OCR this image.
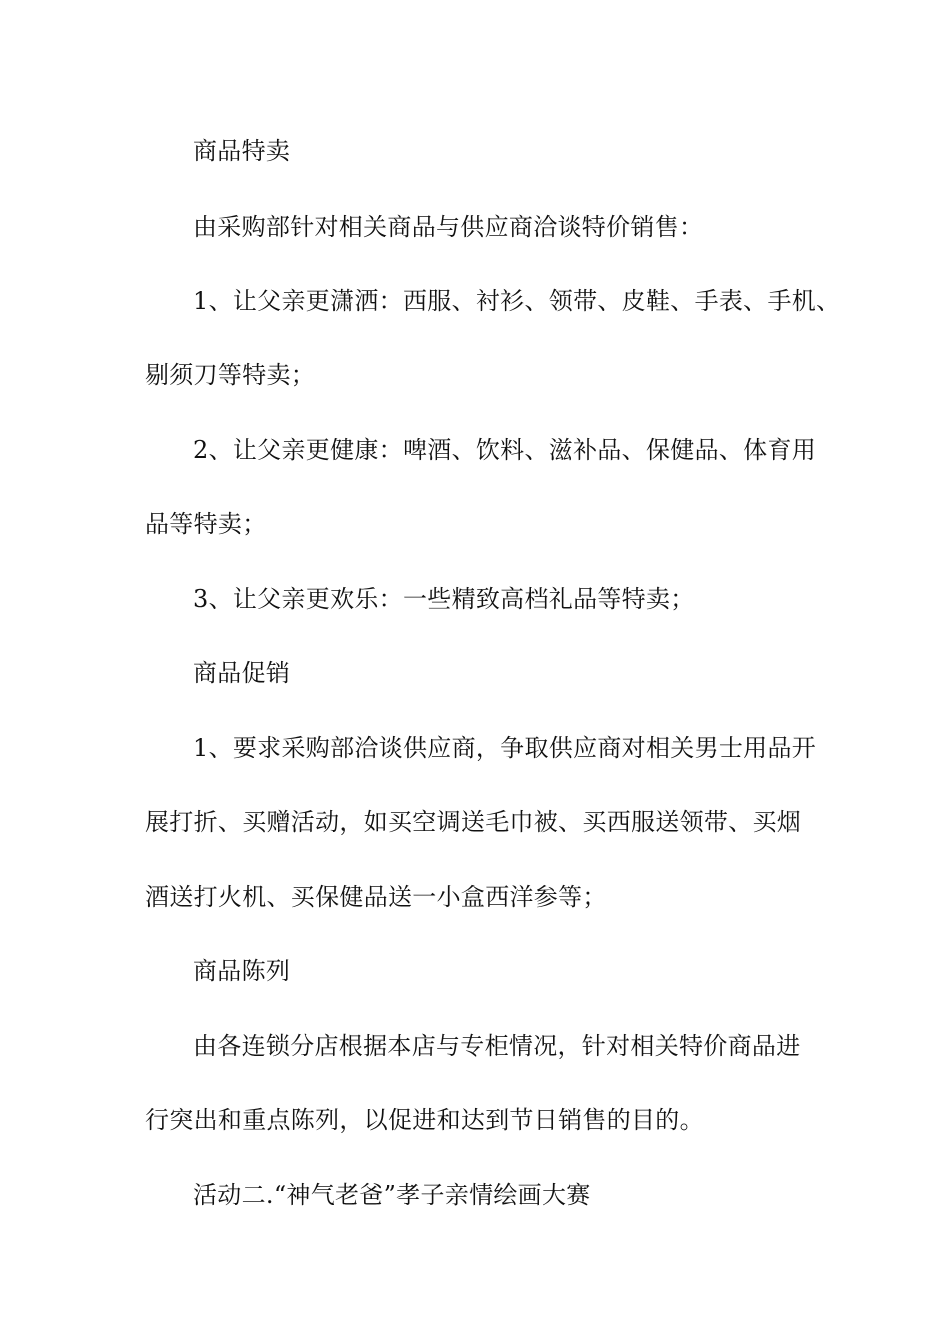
商品特卖
由采购部针对相关商品与供应商洽谈特价销售：
1、让父亲更潇洒：西服、衬衫、领带、皮鞋、手表、手机、
剔须刀等特卖；
2、让父亲更健康：啤酒、饮料、滋补品、保健品、体育用
品等特卖；
3、让父亲更欢乐：一些精致高档礼品等特卖；
商品促销
1、要求采购部洽谈供应商，争取供应商对相关男士用品开
展打折、买赠活动，如买空调送毛巾被、买西服送领带、买烟
酒送打火机、买保健品送一小盒西洋参等；
商品陈列
由各连锁分店根据本店与专柜情况，针对相关特价商品进
行突出和重点陈列，以促进和达到节日销售的目的。
活动二.“神气老爸”孝子亲情绘画大赛
